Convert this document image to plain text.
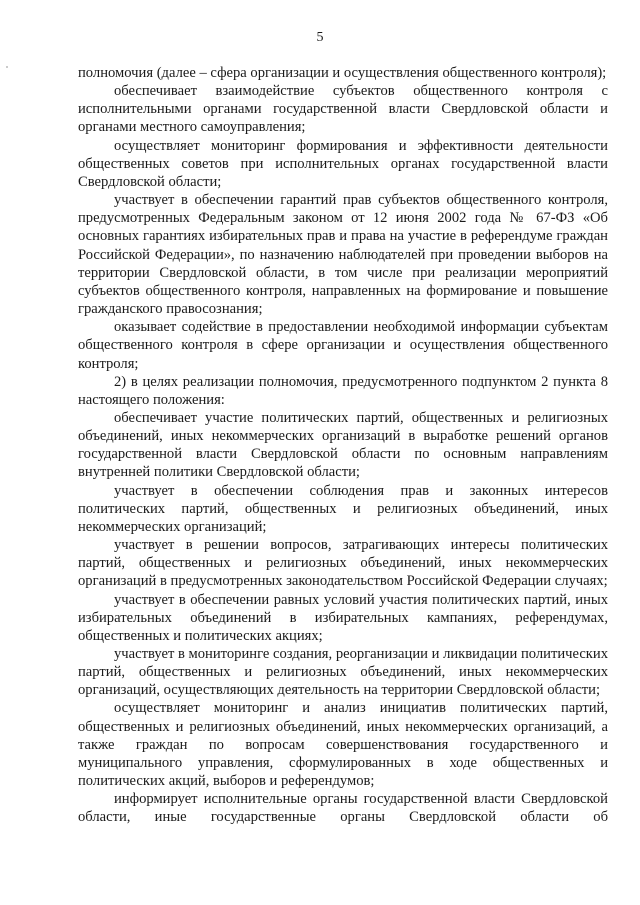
5

полномочия (далее – сфера организации и осуществления общественного контроля);

обеспечивает взаимодействие субъектов общественного контроля с исполнительными органами государственной власти Свердловской области и органами местного самоуправления;

осуществляет мониторинг формирования и эффективности деятельности общественных советов при исполнительных органах государственной власти Свердловской области;

участвует в обеспечении гарантий прав субъектов общественного контроля, предусмотренных Федеральным законом от 12 июня 2002 года № 67-ФЗ «Об основных гарантиях избирательных прав и права на участие в референдуме граждан Российской Федерации», по назначению наблюдателей при проведении выборов на территории Свердловской области, в том числе при реализации мероприятий субъектов общественного контроля, направленных на формирование и повышение гражданского правосознания;

оказывает содействие в предоставлении необходимой информации субъектам общественного контроля в сфере организации и осуществления общественного контроля;

2) в целях реализации полномочия, предусмотренного подпунктом 2 пункта 8 настоящего положения:

обеспечивает участие политических партий, общественных и религиозных объединений, иных некоммерческих организаций в выработке решений органов государственной власти Свердловской области по основным направлениям внутренней политики Свердловской области;

участвует в обеспечении соблюдения прав и законных интересов политических партий, общественных и религиозных объединений, иных некоммерческих организаций;

участвует в решении вопросов, затрагивающих интересы политических партий, общественных и религиозных объединений, иных некоммерческих организаций в предусмотренных законодательством Российской Федерации случаях;

участвует в обеспечении равных условий участия политических партий, иных избирательных объединений в избирательных кампаниях, референдумах, общественных и политических акциях;

участвует в мониторинге создания, реорганизации и ликвидации политических партий, общественных и религиозных объединений, иных некоммерческих организаций, осуществляющих деятельность на территории Свердловской области;

осуществляет мониторинг и анализ инициатив политических партий, общественных и религиозных объединений, иных некоммерческих организаций, а также граждан по вопросам совершенствования государственного и муниципального управления, сформулированных в ходе общественных и политических акций, выборов и референдумов;

информирует исполнительные органы государственной власти Свердловской области, иные государственные органы Свердловской области об
